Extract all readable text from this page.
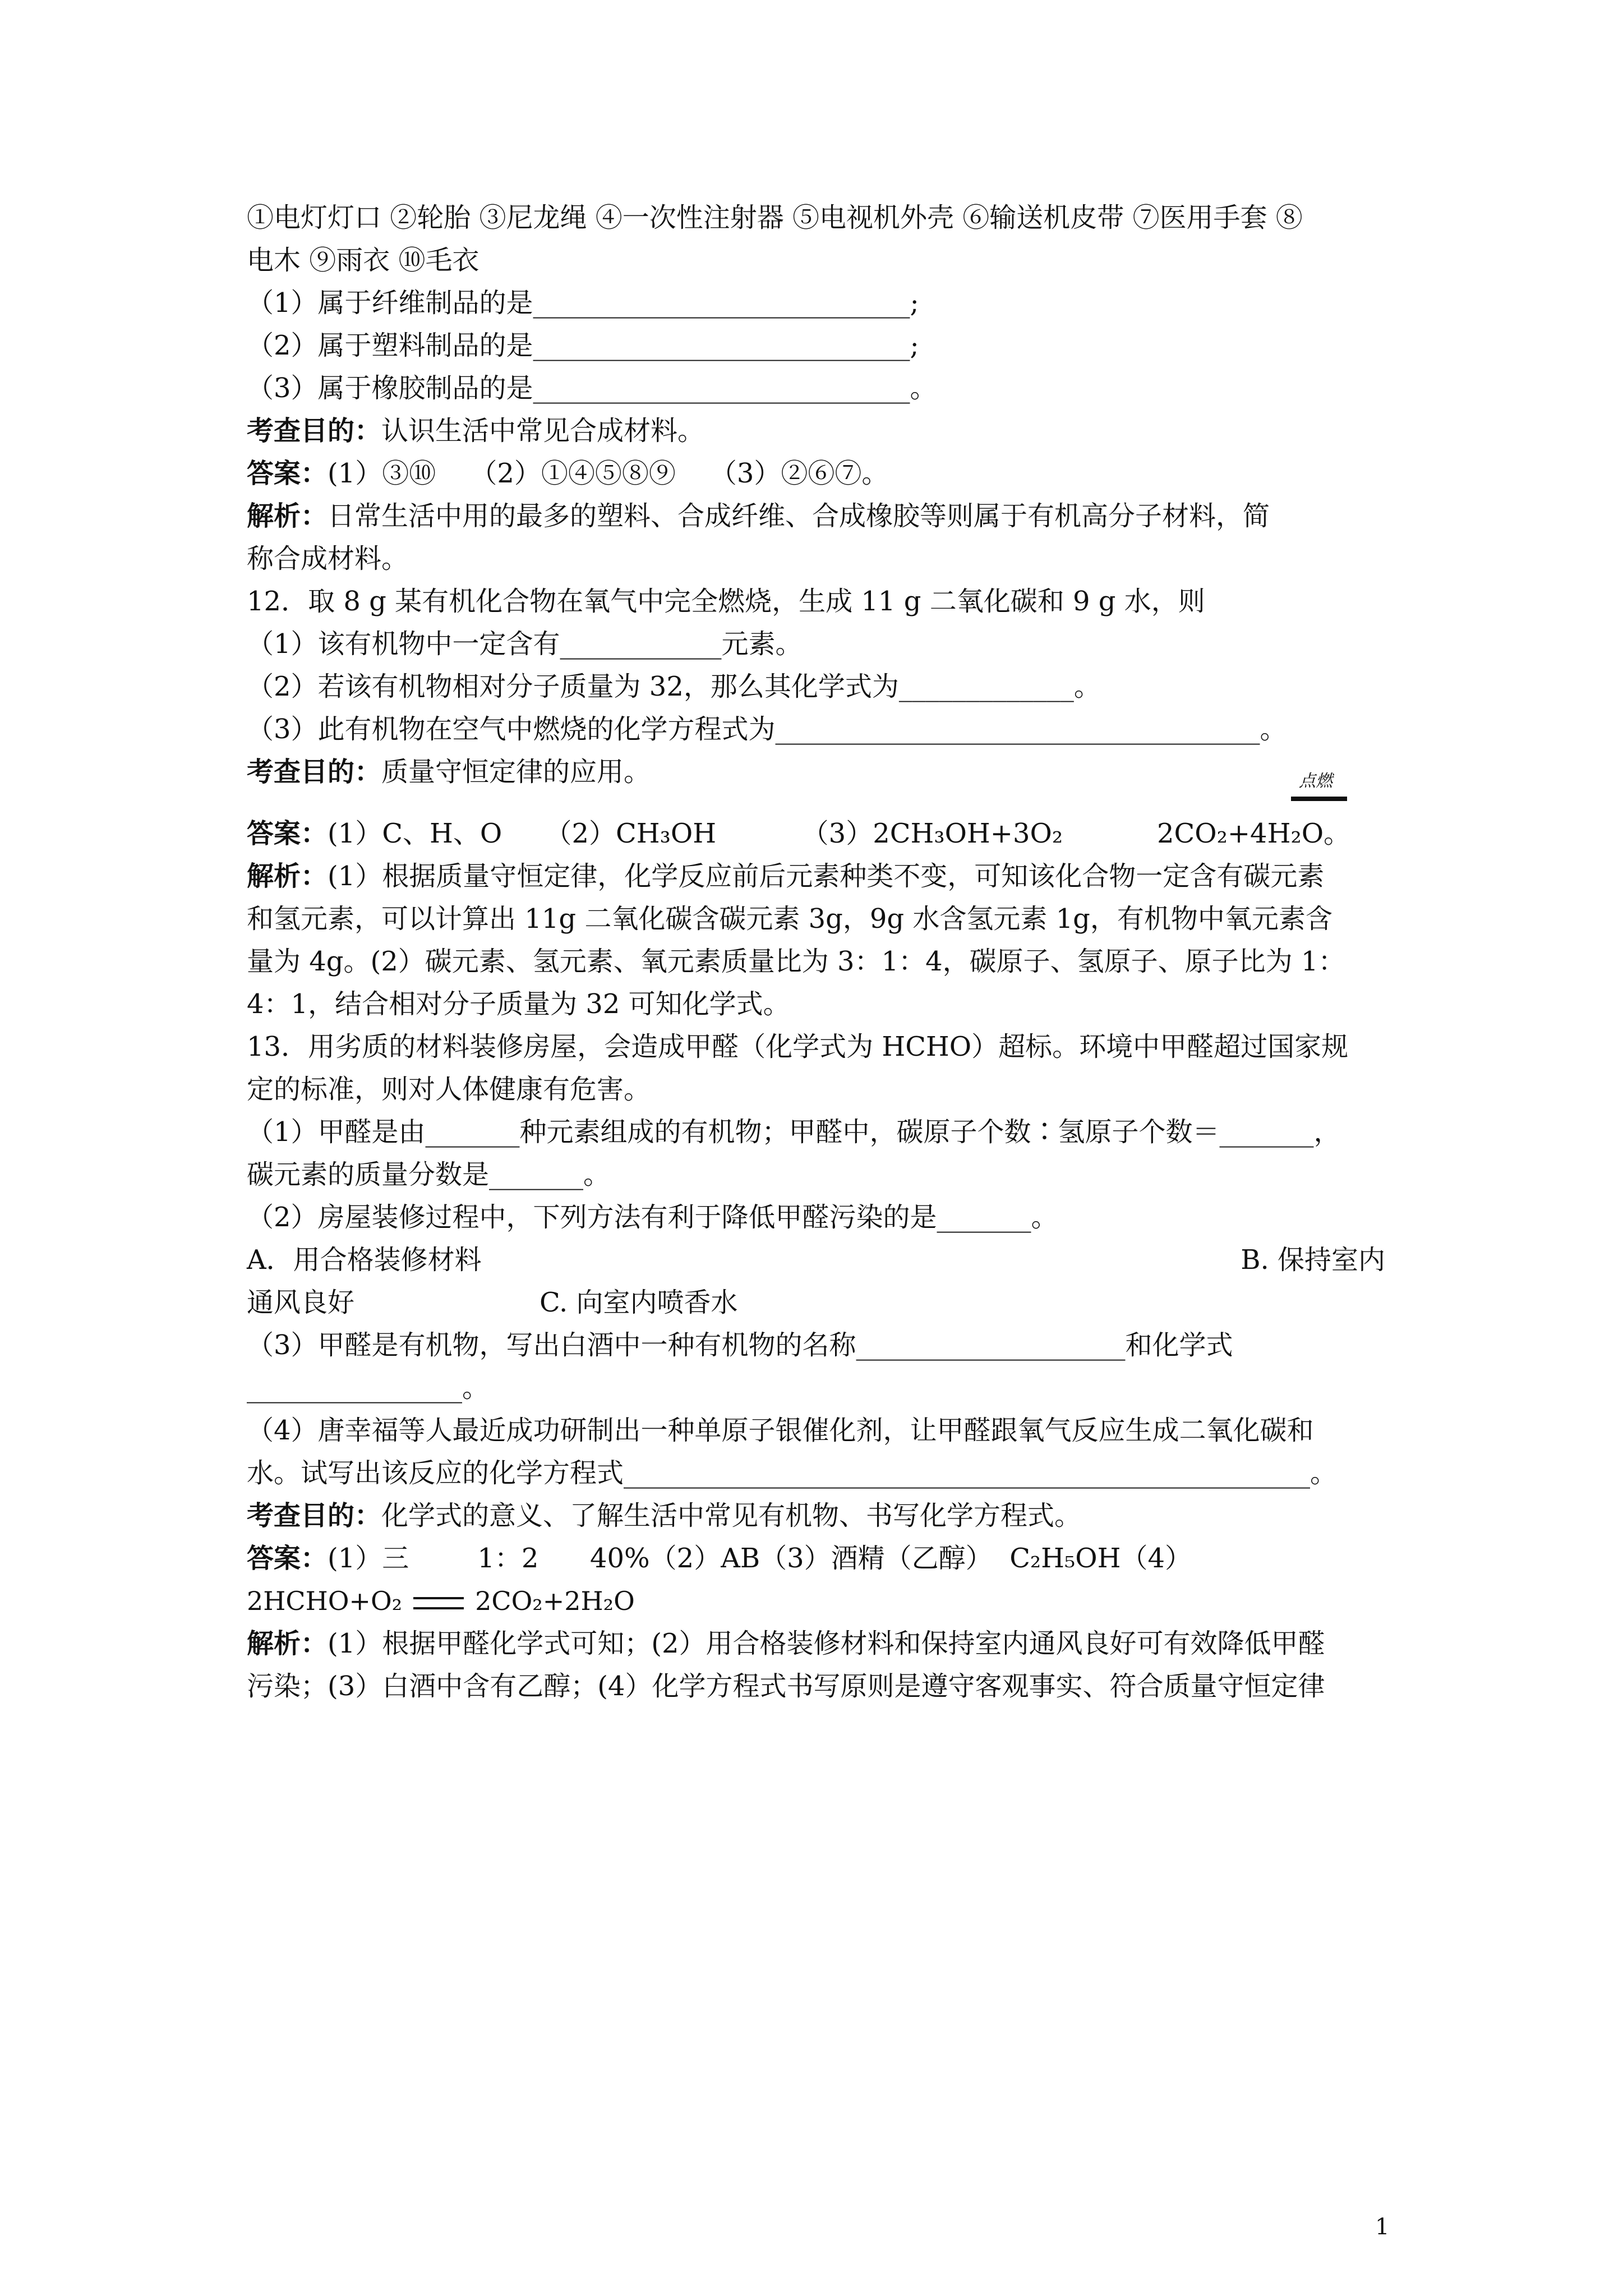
①电灯灯口 ②轮胎 ③尼龙绳 ④一次性注射器 ⑤电视机外壳 ⑥输送机皮带 ⑦医用手套 ⑧
电木 ⑨雨衣 ⑩毛衣
（1）属于纤维制品的是____________________________;
（2）属于塑料制品的是____________________________;
（3）属于橡胶制品的是____________________________。
考查目的：认识生活中常见合成材料。
答案：(1）③⑩    （2）①④⑤⑧⑨    （3）②⑥⑦。
解析：日常生活中用的最多的塑料、合成纤维、合成橡胶等则属于有机高分子材料，简
称合成材料。
12．取 8 g 某有机化合物在氧气中完全燃烧，生成 11 g 二氧化碳和 9 g 水，则
（1）该有机物中一定含有____________元素。
（2）若该有机物相对分子质量为 32，那么其化学式为_____________。
（3）此有机物在空气中燃烧的化学方程式为____________________________________。
考查目的：质量守恒定律的应用。	点燃
答案：(1）C、H、O     （2）CH₃OH          （3）2CH₃OH+3O₂           2CO₂+4H₂O。
解析：(1）根据质量守恒定律，化学反应前后元素种类不变，可知该化合物一定含有碳元素
和氢元素，可以计算出 11g 二氧化碳含碳元素 3g，9g 水含氢元素 1g，有机物中氧元素含
量为 4g。(2）碳元素、氢元素、氧元素质量比为 3：1：4，碳原子、氢原子、原子比为 1：
4：1，结合相对分子质量为 32 可知化学式。
13．用劣质的材料装修房屋，会造成甲醛（化学式为 HCHO）超标。环境中甲醛超过国家规
定的标准，则对人体健康有危害。
（1）甲醛是由_______种元素组成的有机物；甲醛中，碳原子个数∶氢原子个数＝_______，
碳元素的质量分数是_______。
（2）房屋装修过程中，下列方法有利于降低甲醛污染的是_______。
A．用合格装修材料	B. 保持室内
通风良好	C. 向室内喷香水
（3）甲醛是有机物，写出白酒中一种有机物的名称____________________和化学式
________________。
（4）唐幸福等人最近成功研制出一种单原子银催化剂，让甲醛跟氧气反应生成二氧化碳和
水。试写出该反应的化学方程式___________________________________________________。
考查目的：化学式的意义、了解生活中常见有机物、书写化学方程式。
答案：(1）三        1：2      40%（2）AB（3）酒精（乙醇）  C₂H₅OH（4）
2HCHO+O₂	2CO₂+2H₂O
解析：(1）根据甲醛化学式可知；(2）用合格装修材料和保持室内通风良好可有效降低甲醛
污染；(3）白酒中含有乙醇；(4）化学方程式书写原则是遵守客观事实、符合质量守恒定律
1
